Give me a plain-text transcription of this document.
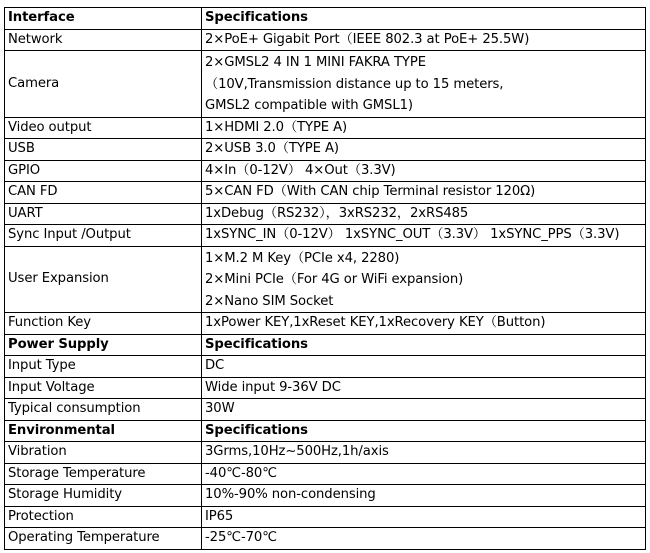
Interface	Specifications
Network	2×PoE+ Gigabit Port（IEEE 802.3 at PoE+ 25.5W)
Camera	2×GMSL2 4 IN 1 MINI FAKRA TYPE
（10V,Transmission distance up to 15 meters,
GMSL2 compatible with GMSL1)

Video output	1×HDMI 2.0（TYPE A)
USB	2×USB 3.0（TYPE A)
GPIO	4×In（0-12V） 4×Out（3.3V)
CAN FD	5×CAN FD（With CAN chip Terminal resistor 120Ω)
UART	1xDebug（RS232），3xRS232，2xRS485
Sync Input /Output	1xSYNC_IN（0-12V） 1xSYNC_OUT（3.3V） 1xSYNC_PPS（3.3V)
User Expansion	1×M.2 M Key（PCIe x4, 2280)
2×Mini PCIe（For 4G or WiFi expansion)
2×Nano SIM Socket

Function Key	1xPower KEY,1xReset KEY,1xRecovery KEY（Button)
Power Supply	Specifications
Input Type	DC
Input Voltage	Wide input 9-36V DC
Typical consumption	30W
Environmental	Specifications
Vibration	3Grms,10Hz~500Hz,1h/axis
Storage Temperature	-40℃-80℃
Storage Humidity	10%-90% non-condensing
Protection	IP65
Operating Temperature	-25℃-70℃
